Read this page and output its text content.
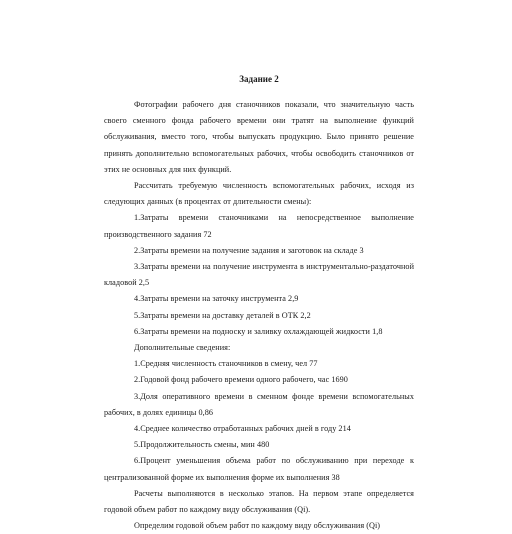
Задание 2

Фотографии рабочего дня станочников показали, что значительную часть своего сменного фонда рабочего времени они тратят на выполнение функций обслуживания, вместо того, чтобы выпускать продукцию. Было принято решение принять дополнительно вспомогательных рабочих, чтобы освободить станочников от этих не основных для них функций.

Рассчитать требуемую численность вспомогательных рабочих, исходя из следующих данных (в процентах от длительности смены):

1.Затраты времени станочниками на непосредственное выполнение производственного задания 72

2.Затраты времени на получение задания и заготовок на складе 3

3.Затраты времени на получение инструмента в инструментально-раздаточной кладовой 2,5

4.Затраты времени на заточку инструмента 2,9

5.Затраты времени на доставку деталей в ОТК 2,2

6.Затраты времени на подноску и заливку охлаждающей жидкости 1,8

Дополнительные сведения:

1.Средняя численность станочников в смену, чел 77

2.Годовой фонд рабочего времени одного рабочего, час 1690

3.Доля оперативного времени в сменном фонде времени вспомогательных рабочих, в долях единицы 0,86

4.Среднее количество отработанных рабочих дней в году 214

5.Продолжительность смены, мин 480

6.Процент уменьшения объема работ по обслуживанию при переходе к централизованной форме их выполнения форме их выполнения 38

Расчеты выполняются в несколько этапов. На первом этапе определяется годовой объем работ по каждому виду обслуживания (Qi).

Определим годовой объем работ по каждому виду обслуживания (Qi)
